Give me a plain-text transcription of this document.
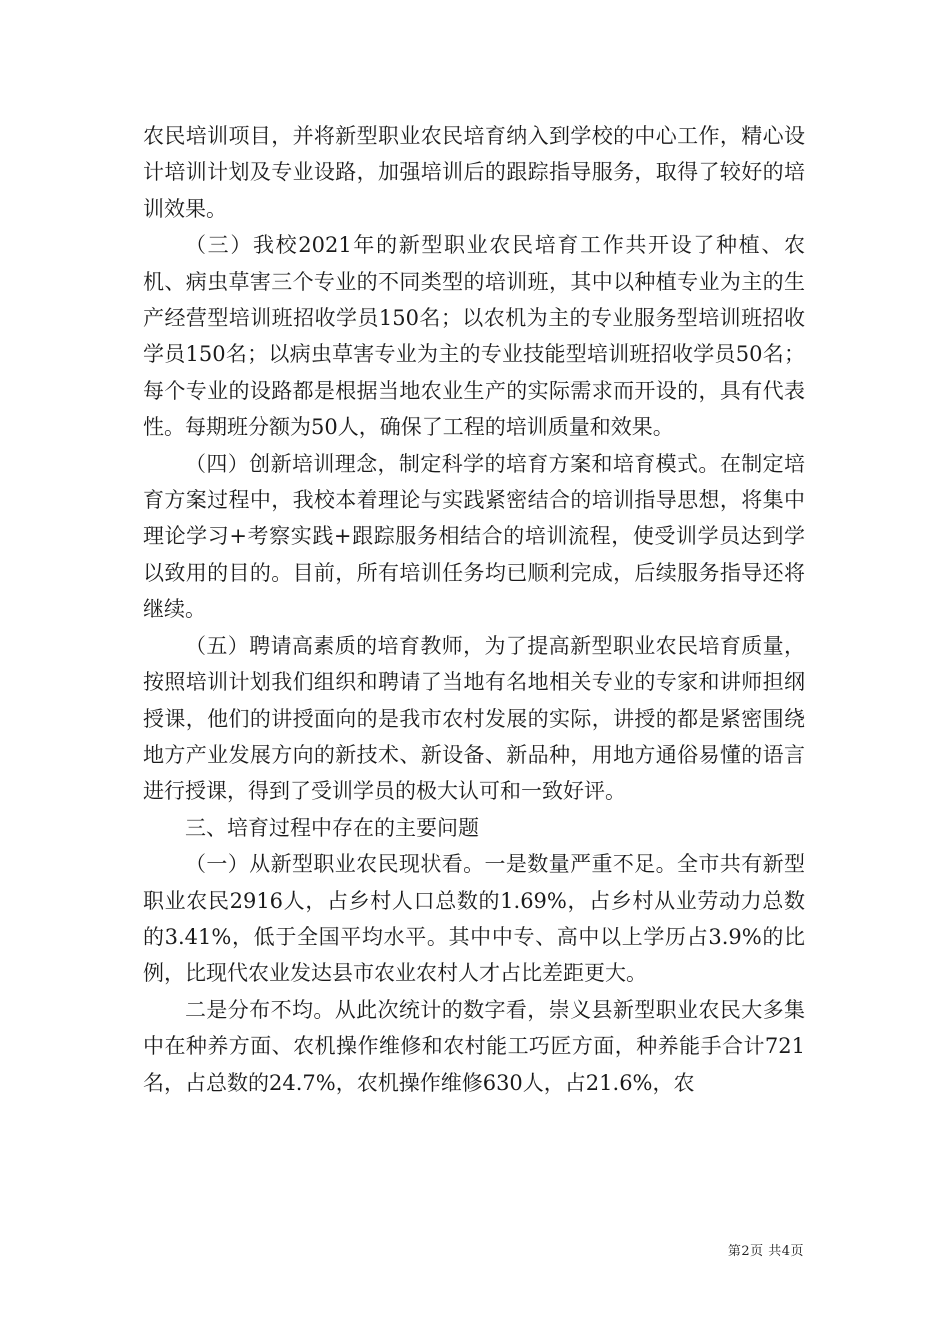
农民培训项目，并将新型职业农民培育纳入到学校的中心工作，精心设计培训计划及专业设路，加强培训后的跟踪指导服务，取得了较好的培训效果。

（三）我校2021年的新型职业农民培育工作共开设了种植、农机、病虫草害三个专业的不同类型的培训班，其中以种植专业为主的生产经营型培训班招收学员150名；以农机为主的专业服务型培训班招收学员150名；以病虫草害专业为主的专业技能型培训班招收学员50名；每个专业的设路都是根据当地农业生产的实际需求而开设的，具有代表性。每期班分额为50人，确保了工程的培训质量和效果。

（四）创新培训理念，制定科学的培育方案和培育模式。在制定培育方案过程中，我校本着理论与实践紧密结合的培训指导思想，将集中理论学习+考察实践+跟踪服务相结合的培训流程，使受训学员达到学以致用的目的。目前，所有培训任务均已顺利完成，后续服务指导还将继续。

（五）聘请高素质的培育教师，为了提高新型职业农民培育质量，按照培训计划我们组织和聘请了当地有名地相关专业的专家和讲师担纲授课，他们的讲授面向的是我市农村发展的实际，讲授的都是紧密围绕地方产业发展方向的新技术、新设备、新品种，用地方通俗易懂的语言进行授课，得到了受训学员的极大认可和一致好评。

三、培育过程中存在的主要问题

（一）从新型职业农民现状看。一是数量严重不足。全市共有新型职业农民2916人，占乡村人口总数的1.69%，占乡村从业劳动力总数的3.41%，低于全国平均水平。其中中专、高中以上学历占3.9%的比例，比现代农业发达县市农业农村人才占比差距更大。

二是分布不均。从此次统计的数字看，崇义县新型职业农民大多集中在种养方面、农机操作维修和农村能工巧匠方面，种养能手合计721名，占总数的24.7%，农机操作维修630人，占21.6%，农

第2页 共4页
